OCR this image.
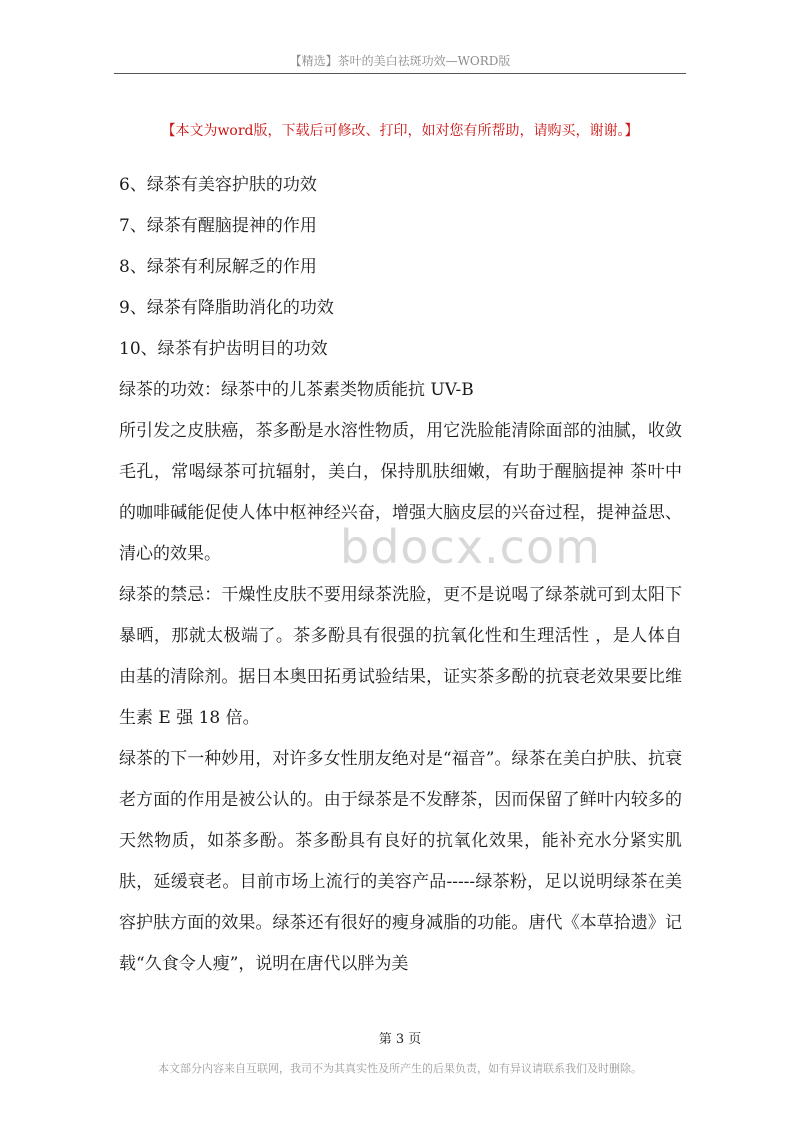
【精选】茶叶的美白祛斑功效—WORD版
【本文为word版，下载后可修改、打印，如对您有所帮助，请购买，谢谢。】
bdocx.com
6、绿茶有美容护肤的功效
7、绿茶有醒脑提神的作用
8、绿茶有利尿解乏的作用
9、绿茶有降脂助消化的功效
10、绿茶有护齿明目的功效
绿茶的功效：绿茶中的儿茶素类物质能抗 UV-B
所引发之皮肤癌，茶多酚是水溶性物质，用它洗脸能清除面部的油腻，收敛毛孔，常喝绿茶可抗辐射，美白，保持肌肤细嫩，有助于醒脑提神 茶叶中的咖啡碱能促使人体中枢神经兴奋，增强大脑皮层的兴奋过程，提神益思、清心的效果。
绿茶的禁忌：干燥性皮肤不要用绿茶洗脸，更不是说喝了绿茶就可到太阳下暴晒，那就太极端了。茶多酚具有很强的抗氧化性和生理活性 ，是人体自由基的清除剂。据日本奥田拓勇试验结果，证实茶多酚的抗衰老效果要比维生素 E 强 18 倍。
绿茶的下一种妙用，对许多女性朋友绝对是“福音”。绿茶在美白护肤、抗衰老方面的作用是被公认的。由于绿茶是不发酵茶，因而保留了鲜叶内较多的天然物质，如茶多酚。茶多酚具有良好的抗氧化效果，能补充水分紧实肌肤，延缓衰老。目前市场上流行的美容产品-----绿茶粉，足以说明绿茶在美容护肤方面的效果。绿茶还有很好的瘦身减脂的功能。唐代《本草拾遗》记载“久食令人瘦”，说明在唐代以胖为美
第 3 页
本文部分内容来自互联网，我司不为其真实性及所产生的后果负责，如有异议请联系我们及时删除。
